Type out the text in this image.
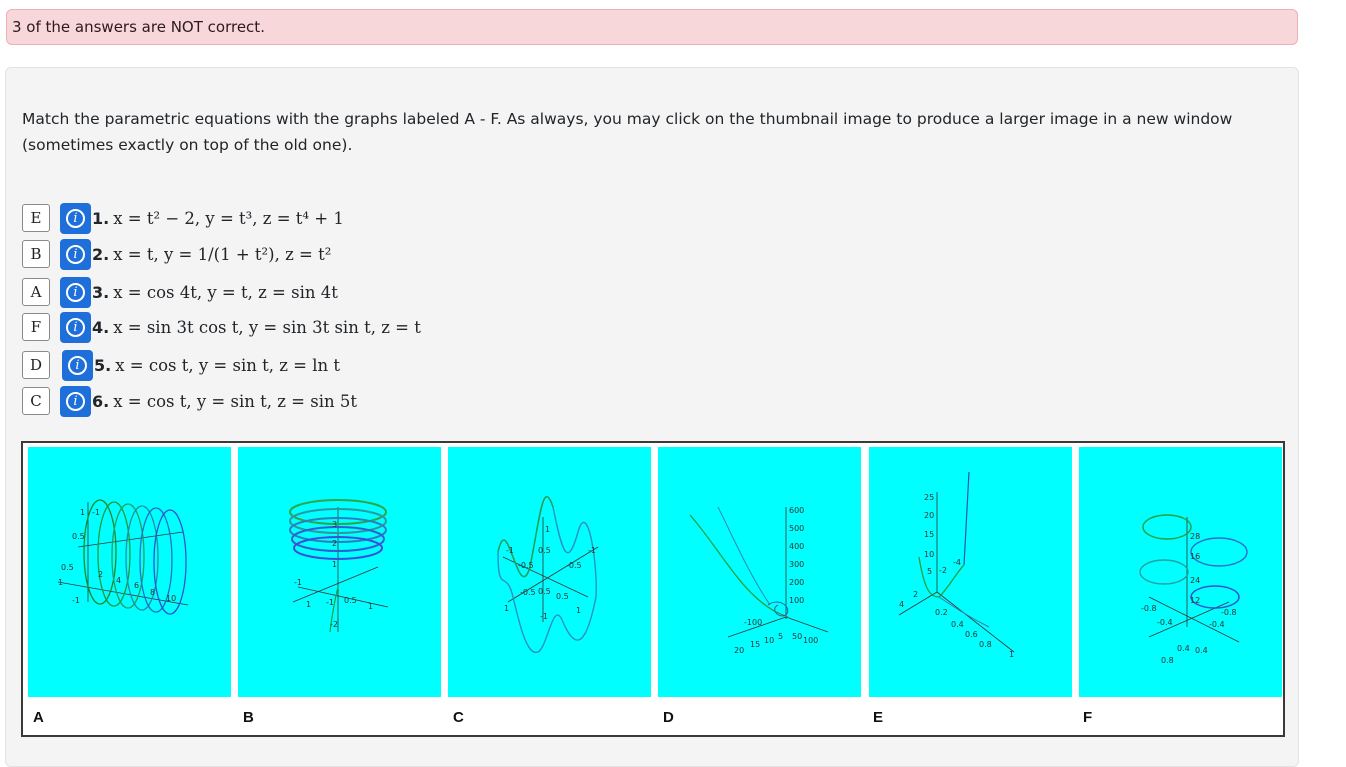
3 of the answers are NOT correct.
Match the parametric equations with the graphs labeled A - F. As always, you may click on the thumbnail image to produce a larger image in a new window (sometimes exactly on top of the old one).
E	i 1. x = t² − 2, y = t³, z = t⁴ + 1
B	i 2. x = t, y = 1/(1 + t²), z = t²
A	i 3. x = cos 4t, y = t, z = sin 4t
F	i 4. x = sin 3t cos t, y = sin 3t sin t, z = t
D	i 5. x = cos t, y = sin t, z = ln t
C	i 6. x = cos t, y = sin t, z = sin 5t
1 -1
0.5
0.5
1
-1
2
4
6
8
10
3
2
1
-1
1 -1
-2
0.5
1
1
0.5
-1
-0.5	-0.5
-1
0.5
-0.5	0.5
1
-1
1
600
500
400
300
200
100
-100
20
15 10 5 50 100
25
20
15
10
5 -2
-4
2
4
0.2
0.4
0.6
0.8
1
28
16
24
12
-0.8
-0.4
-0.8
-0.4
0.4 0.4
0.8
A	B	C	D	E	F
